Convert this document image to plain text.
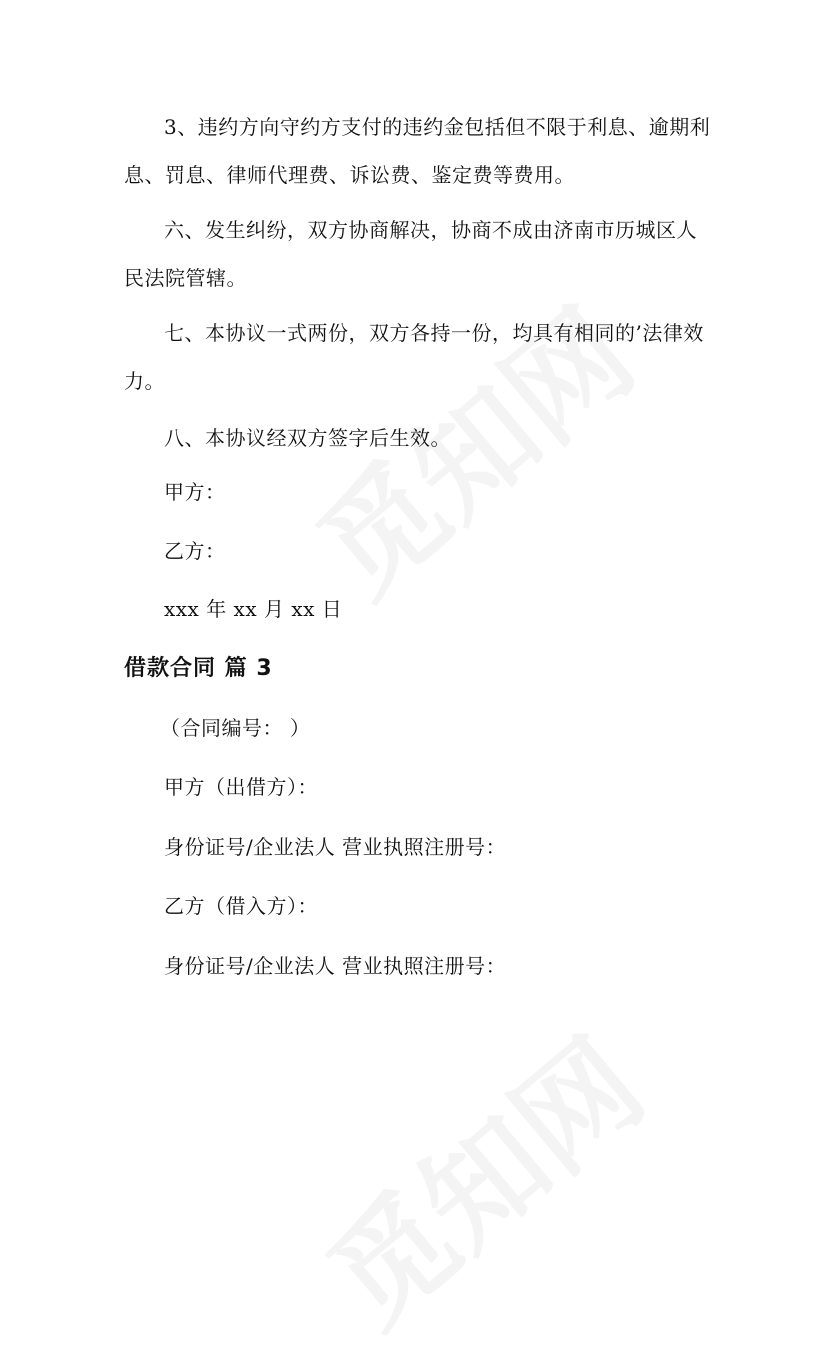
3、违约方向守约方支付的违约金包括但不限于利息、逾期利息、罚息、律师代理费、诉讼费、鉴定费等费用。

六、发生纠纷，双方协商解决，协商不成由济南市历城区人民法院管辖。

七、本协议一式两份，双方各持一份，均具有相同的’法律效力。

八、本协议经双方签字后生效。

甲方：

乙方：

xxx 年 xx 月 xx 日

借款合同 篇 3

（合同编号： ）

甲方（出借方）：

身份证号/企业法人 营业执照注册号：

乙方（借入方）：

身份证号/企业法人 营业执照注册号：
